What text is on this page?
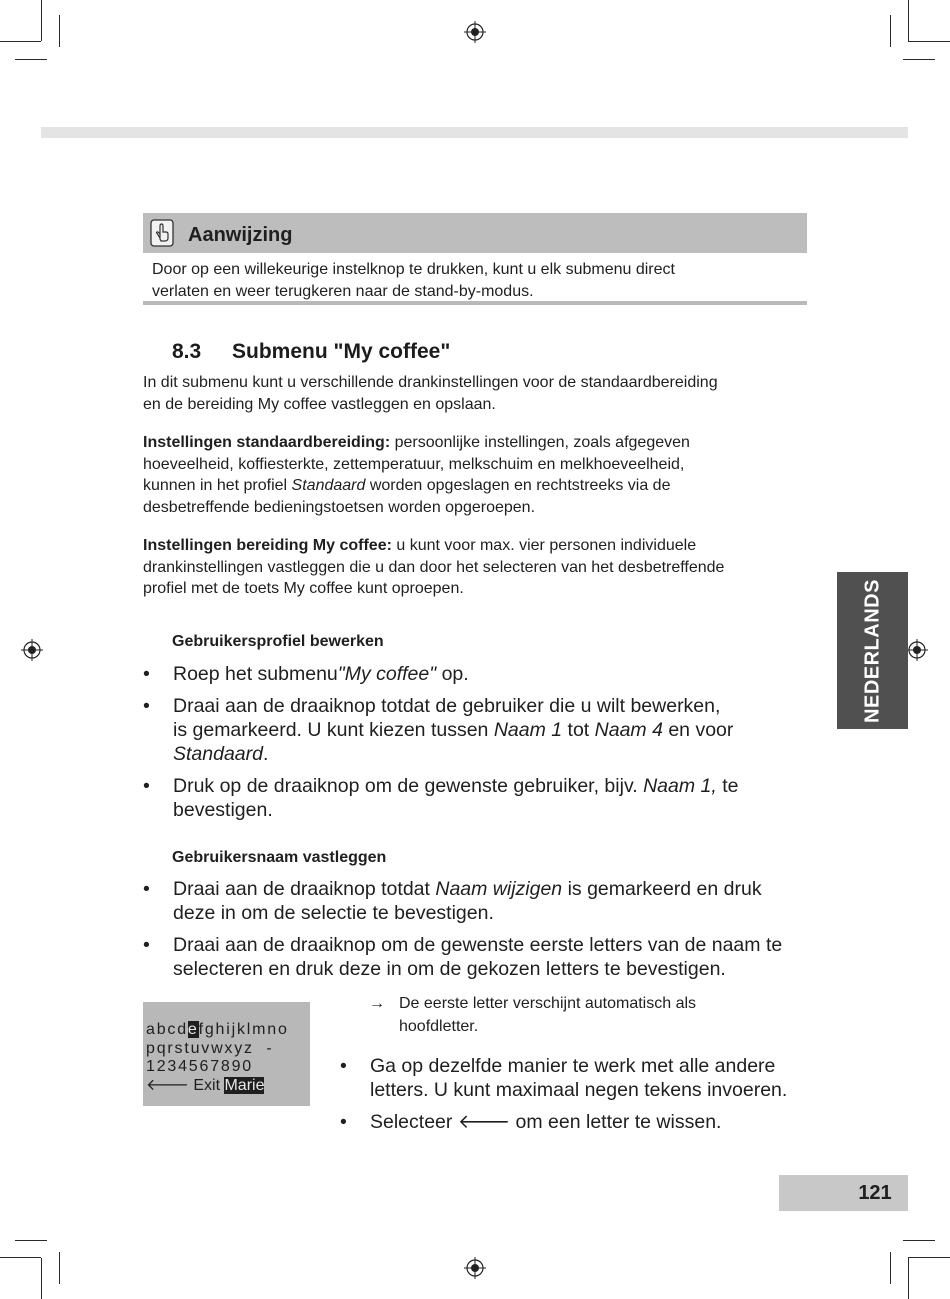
Aanwijzing
Door op een willekeurige instelknop te drukken, kunt u elk submenu direct
verlaten en weer terugkeren naar de stand-by-modus.
8.3 Submenu "My coffee"
In dit submenu kunt u verschillende drankinstellingen voor de standaardbereiding
en de bereiding My coffee vastleggen en opslaan.
Instellingen standaardbereiding: persoonlijke instellingen, zoals afgegeven
hoeveelheid, koffiesterkte, zettemperatuur, melkschuim en melkhoeveelheid,
kunnen in het profiel Standaard worden opgeslagen en rechtstreeks via de
desbetreffende bedieningstoetsen worden opgeroepen.
Instellingen bereiding My coffee: u kunt voor max. vier personen individuele
drankinstellingen vastleggen die u dan door het selecteren van het desbetreffende
profiel met de toets My coffee kunt oproepen.
Gebruikersprofiel bewerken
• Roep het submenu"My coffee" op.
• Draai aan de draaiknop totdat de gebruiker die u wilt bewerken,
is gemarkeerd. U kunt kiezen tussen Naam 1 tot Naam 4 en voor
Standaard.
• Druk op de draaiknop om de gewenste gebruiker, bijv. Naam 1, te
bevestigen.
Gebruikersnaam vastleggen
• Draai aan de draaiknop totdat Naam wijzigen is gemarkeerd en druk
deze in om de selectie te bevestigen.
• Draai aan de draaiknop om de gewenste eerste letters van de naam te
selecteren en druk deze in om de gekozen letters te bevestigen.
abcdefghijklmno
pqrstuvwxyz  -
1234567890
🡐 Exit Marie
→ De eerste letter verschijnt automatisch als
hoofdletter.
• Ga op dezelfde manier te werk met alle andere
letters. U kunt maximaal negen tekens invoeren.
• Selecteer 🡐 om een letter te wissen.
NEDERLANDS
121
